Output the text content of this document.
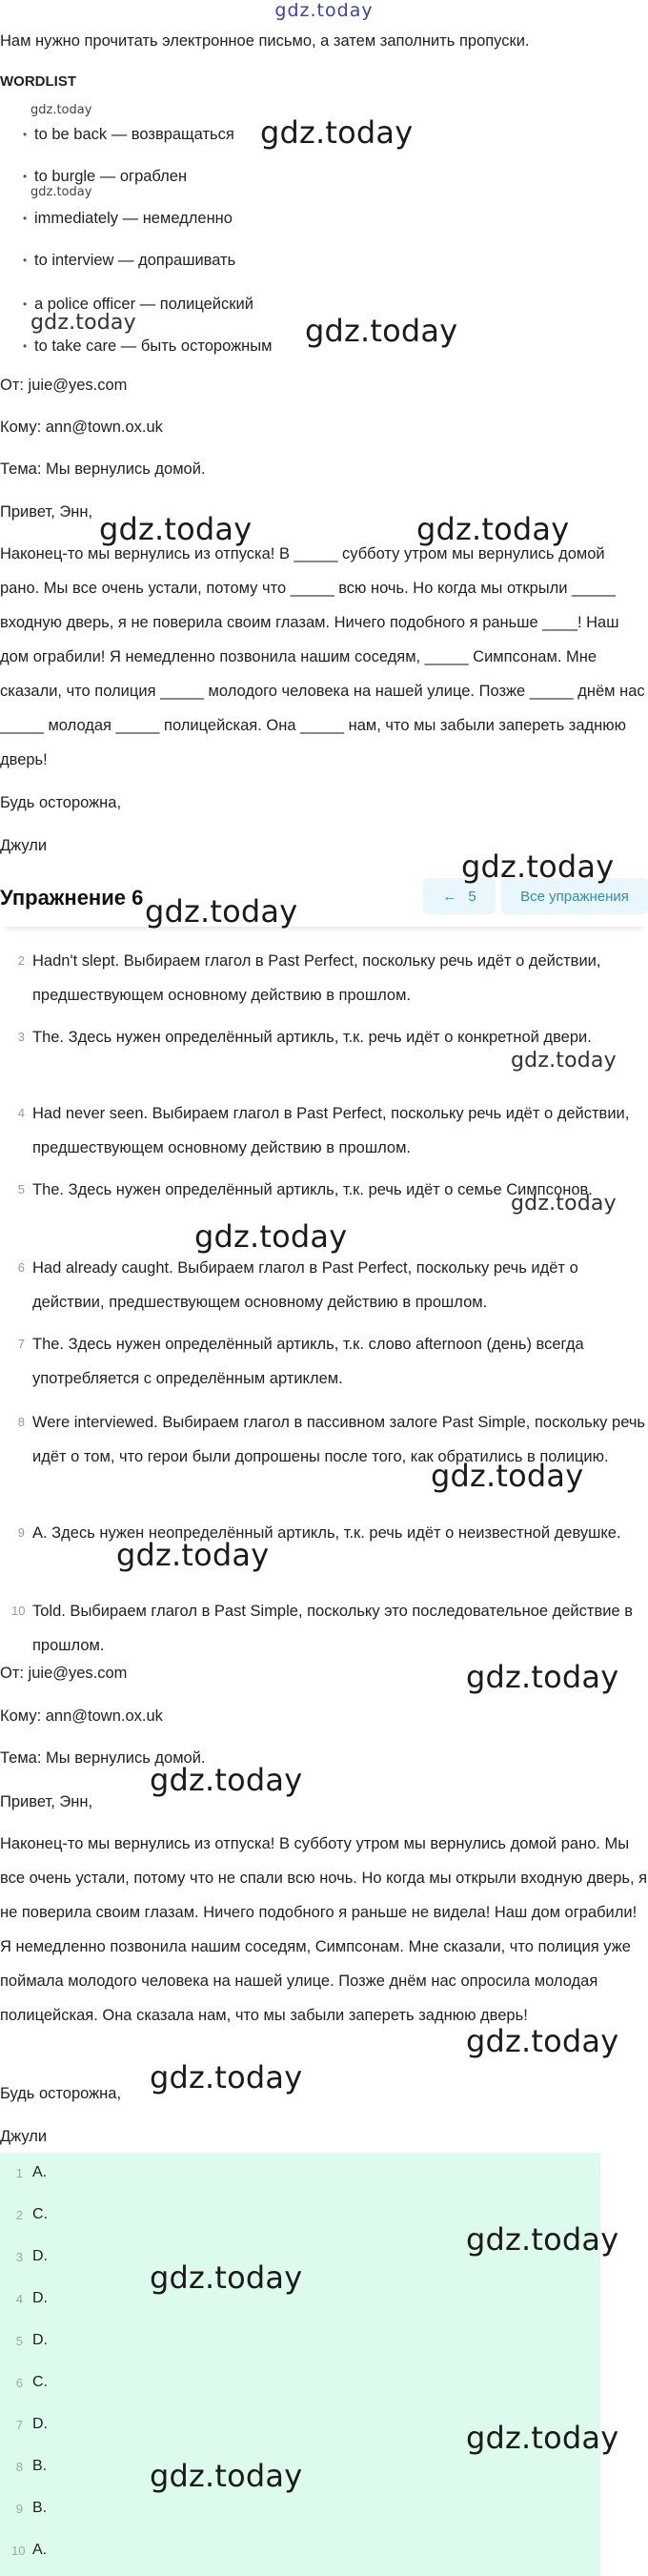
gdz.today

Нам нужно прочитать электронное письмо, а затем заполнить пропуски.

WORDLIST

• to be back — возвращаться
• to burgle — ограблен
• immediately — немедленно
• to interview — допрашивать
• a police officer — полицейский
• to take care — быть осторожным

От: juie@yes.com

Кому: ann@town.ox.uk

Тема: Мы вернулись домой.

Привет, Энн,

Наконец-то мы вернулись из отпуска! В _____ субботу утром мы вернулись домой рано. Мы все очень устали, потому что _____ всю ночь. Но когда мы открыли _____ входную дверь, я не поверила своим глазам. Ничего подобного я раньше ____! Наш дом ограбили! Я немедленно позвонила нашим соседям, _____ Симпсонам. Мне сказали, что полиция _____ молодого человека на нашей улице. Позже _____ днём нас _____ молодая _____ полицейская. Она _____ нам, что мы забыли запереть заднюю дверь!

Будь осторожна,

Джули

Упражнение 6	← 5	Все упражнения
2 Hadn't slept. Выбираем глагол в Past Perfect, поскольку речь идёт о действии, предшествующем основному действию в прошлом.
3 The. Здесь нужен определённый артикль, т.к. речь идёт о конкретной двери.
4 Had never seen. Выбираем глагол в Past Perfect, поскольку речь идёт о действии, предшествующем основному действию в прошлом.
5 The. Здесь нужен определённый артикль, т.к. речь идёт о семье Симпсонов.
6 Had already caught. Выбираем глагол в Past Perfect, поскольку речь идёт о действии, предшествующем основному действию в прошлом.
7 The. Здесь нужен определённый артикль, т.к. слово afternoon (день) всегда употребляется с определённым артиклем.
8 Were interviewed. Выбираем глагол в пассивном залоге Past Simple, поскольку речь идёт о том, что герои были допрошены после того, как обратились в полицию.
9 A. Здесь нужен неопределённый артикль, т.к. речь идёт о неизвестной девушке.
10 Told. Выбираем глагол в Past Simple, поскольку это последовательное действие в прошлом.

От: juie@yes.com

Кому: ann@town.ox.uk

Тема: Мы вернулись домой.

Привет, Энн,

Наконец-то мы вернулись из отпуска! В субботу утром мы вернулись домой рано. Мы все очень устали, потому что не спали всю ночь. Но когда мы открыли входную дверь, я не поверила своим глазам. Ничего подобного я раньше не видела! Наш дом ограбили! Я немедленно позвонила нашим соседям, Симпсонам. Мне сказали, что полиция уже поймала молодого человека на нашей улице. Позже днём нас опросила молодая полицейская. Она сказала нам, что мы забыли запереть заднюю дверь!

Будь осторожна,

Джули

1 A.
2 C.
3 D.
4 D.
5 D.
6 C.
7 D.
8 B.
9 B.
10 A.
gdz.today
gdz.today
gdz.today
gdz.today
gdz.today
gdz.today	gdz.today
gdz.today
gdz.today
gdz.today
gdz.today
gdz.today
gdz.today
gdz.today
gdz.today
gdz.today
gdz.today
gdz.today
gdz.today
gdz.today
gdz.today
gdz.today
